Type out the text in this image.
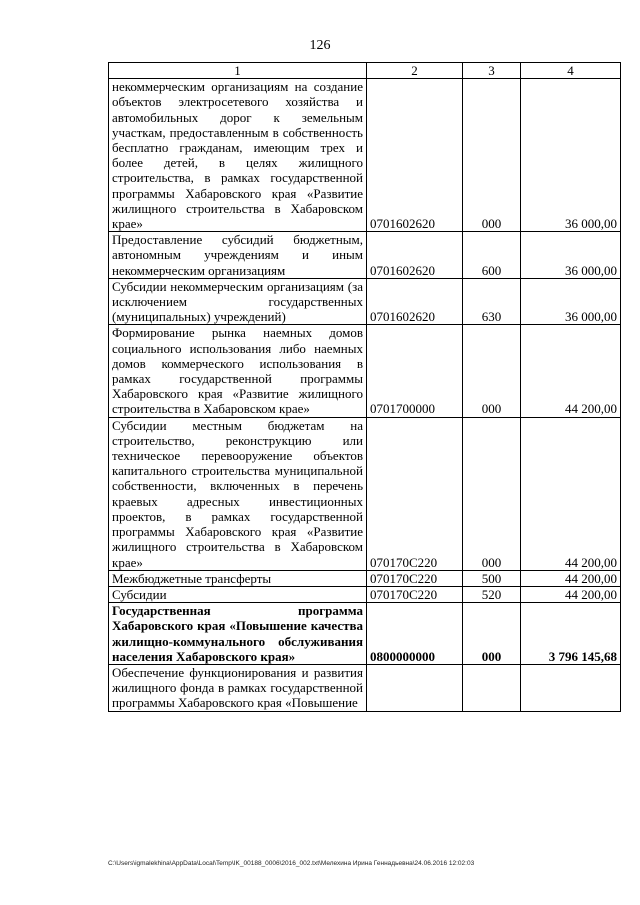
126
1	2	3	4
некоммерческим организациям на создание объектов электросетевого хозяйства и автомобильных дорог к земельным участкам, предоставленным в собственность бесплатно гражданам, имеющим трех и более детей, в целях жилищного строительства, в рамках государственной программы Хабаровского края «Развитие жилищного строительства в Хабаровском крае»	0701602620	000	36 000,00
Предоставление субсидий бюджетным, автономным учреждениям и иным некоммерческим организациям	0701602620	600	36 000,00
Субсидии некоммерческим организациям (за исключением государственных (муниципальных) учреждений)	0701602620	630	36 000,00
Формирование рынка наемных домов социального использования либо наемных домов коммерческого использования в рамках государственной программы Хабаровского края «Развитие жилищного строительства в Хабаровском крае»	0701700000	000	44 200,00
Субсидии местным бюджетам на строительство, реконструкцию или техническое перевооружение объектов капитального строительства муниципальной собственности, включенных в перечень краевых адресных инвестиционных проектов, в рамках государственной программы Хабаровского края «Развитие жилищного строительства в Хабаровском крае»	070170С220	000	44 200,00
Межбюджетные трансферты	070170С220	500	44 200,00
Субсидии	070170С220	520	44 200,00
Государственная программа Хабаровского края «Повышение качества жилищно-коммунального обслуживания населения Хабаровского края»	0800000000	000	3 796 145,68
Обеспечение функционирования и развития жилищного фонда в рамках государственной программы Хабаровского края «Повышение			
C:\Users\igmalekhina\AppData\Local\Temp\IK_00188_0006\2016_002.txt\Мелехина Ирина Геннадьевна\24.06.2016 12:02:03
